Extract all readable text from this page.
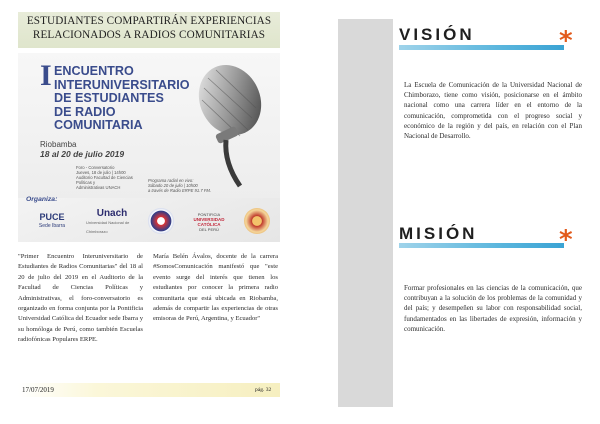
ESTUDIANTES COMPARTIRÁN EXPERIENCIAS
RELACIONADOS A RADIOS COMUNITARIAS
I ENCUENTRO
INTERUNIVERSITARIO
DE ESTUDIANTES
DE RADIO
COMUNITARIA
Riobamba
18 al 20 de julio 2019
Foro - Conversatorio
Jueves, 18 de julio | 14h00
Auditorio Facultad de Ciencias Políticas y
Administrativas UNACH
Programa radial en vivo:
Sábado 20 de julio | 10h00
a través de Radio ERPE 91.7 FM.
Organiza:
PUCE
Sede Ibarra
Unach
Universidad Nacional de Chimborazo
PONTIFICIA
UNIVERSIDAD
CATÓLICA
DEL PERÚ
"Primer Encuentro Interuniversitario de Estudiantes de Radios Comunitarias" del 18 al 20 de julio del 2019 en el Auditorio de la Facultad de Ciencias Políticas y Administrativas, el foro-conversatorio es organizado en forma conjunta por la Pontificia Universidad Católica del Ecuador sede Ibarra y su homóloga de Perú, como también Escuelas radiofónicas Populares ERPE.
María Belén Ávalos, docente de la carrera #SomosComunicación manifestó que "este evento surge del interés que tienen los estudiantes por conocer la primera radio comunitaria que está ubicada en Riobamba, además de compartir las experiencias de otras emisoras de Perú, Argentina, y Ecuador"
17/07/2019	pág. 32
VISIÓN	*
La Escuela de Comunicación de la Universidad Nacional de Chimborazo, tiene como visión, posicionarse en el ámbito nacional como una carrera líder en el entorno de la comunicación, comprometida con el progreso social y económico de la región y del país, en relación con el Plan Nacional de Desarrollo.
MISIÓN	*
Formar profesionales en las ciencias de la comunicación, que contribuyan a la solución de los problemas de la comunidad y del país; y desempeñen su labor con responsabilidad social, fundamentados en las libertades de expresión, información y comunicación.
